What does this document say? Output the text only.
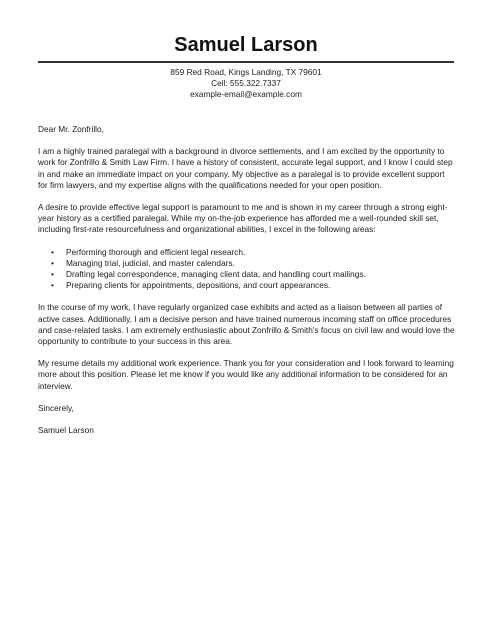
Samuel Larson
859 Red Road, Kings Landing, TX 79601
Cell: 555.322.7337
example-email@example.com

Dear Mr. Zonfrillo,

I am a highly trained paralegal with a background in divorce settlements, and I am excited by the opportunity to work for Zonfrillo & Smith Law Firm. I have a history of consistent, accurate legal support, and I know I could step in and make an immediate impact on your company. My objective as a paralegal is to provide excellent support for firm lawyers, and my expertise aligns with the qualifications needed for your open position.

A desire to provide effective legal support is paramount to me and is shown in my career through a strong eight-year history as a certified paralegal. While my on-the-job experience has afforded me a well-rounded skill set, including first-rate resourcefulness and organizational abilities, I excel in the following areas:

• Performing thorough and efficient legal research.
• Managing trial, judicial, and master calendars.
• Drafting legal correspondence, managing client data, and handling court mailings.
• Preparing clients for appointments, depositions, and court appearances.

In the course of my work, I have regularly organized case exhibits and acted as a liaison between all parties of active cases. Additionally, I am a decisive person and have trained numerous incoming staff on office procedures and case-related tasks. I am extremely enthusiastic about Zonfrillo & Smith's focus on civil law and would love the opportunity to contribute to your success in this area.

My resume details my additional work experience. Thank you for your consideration and I look forward to learning more about this position. Please let me know if you would like any additional information to be considered for an interview.

Sincerely,

Samuel Larson
